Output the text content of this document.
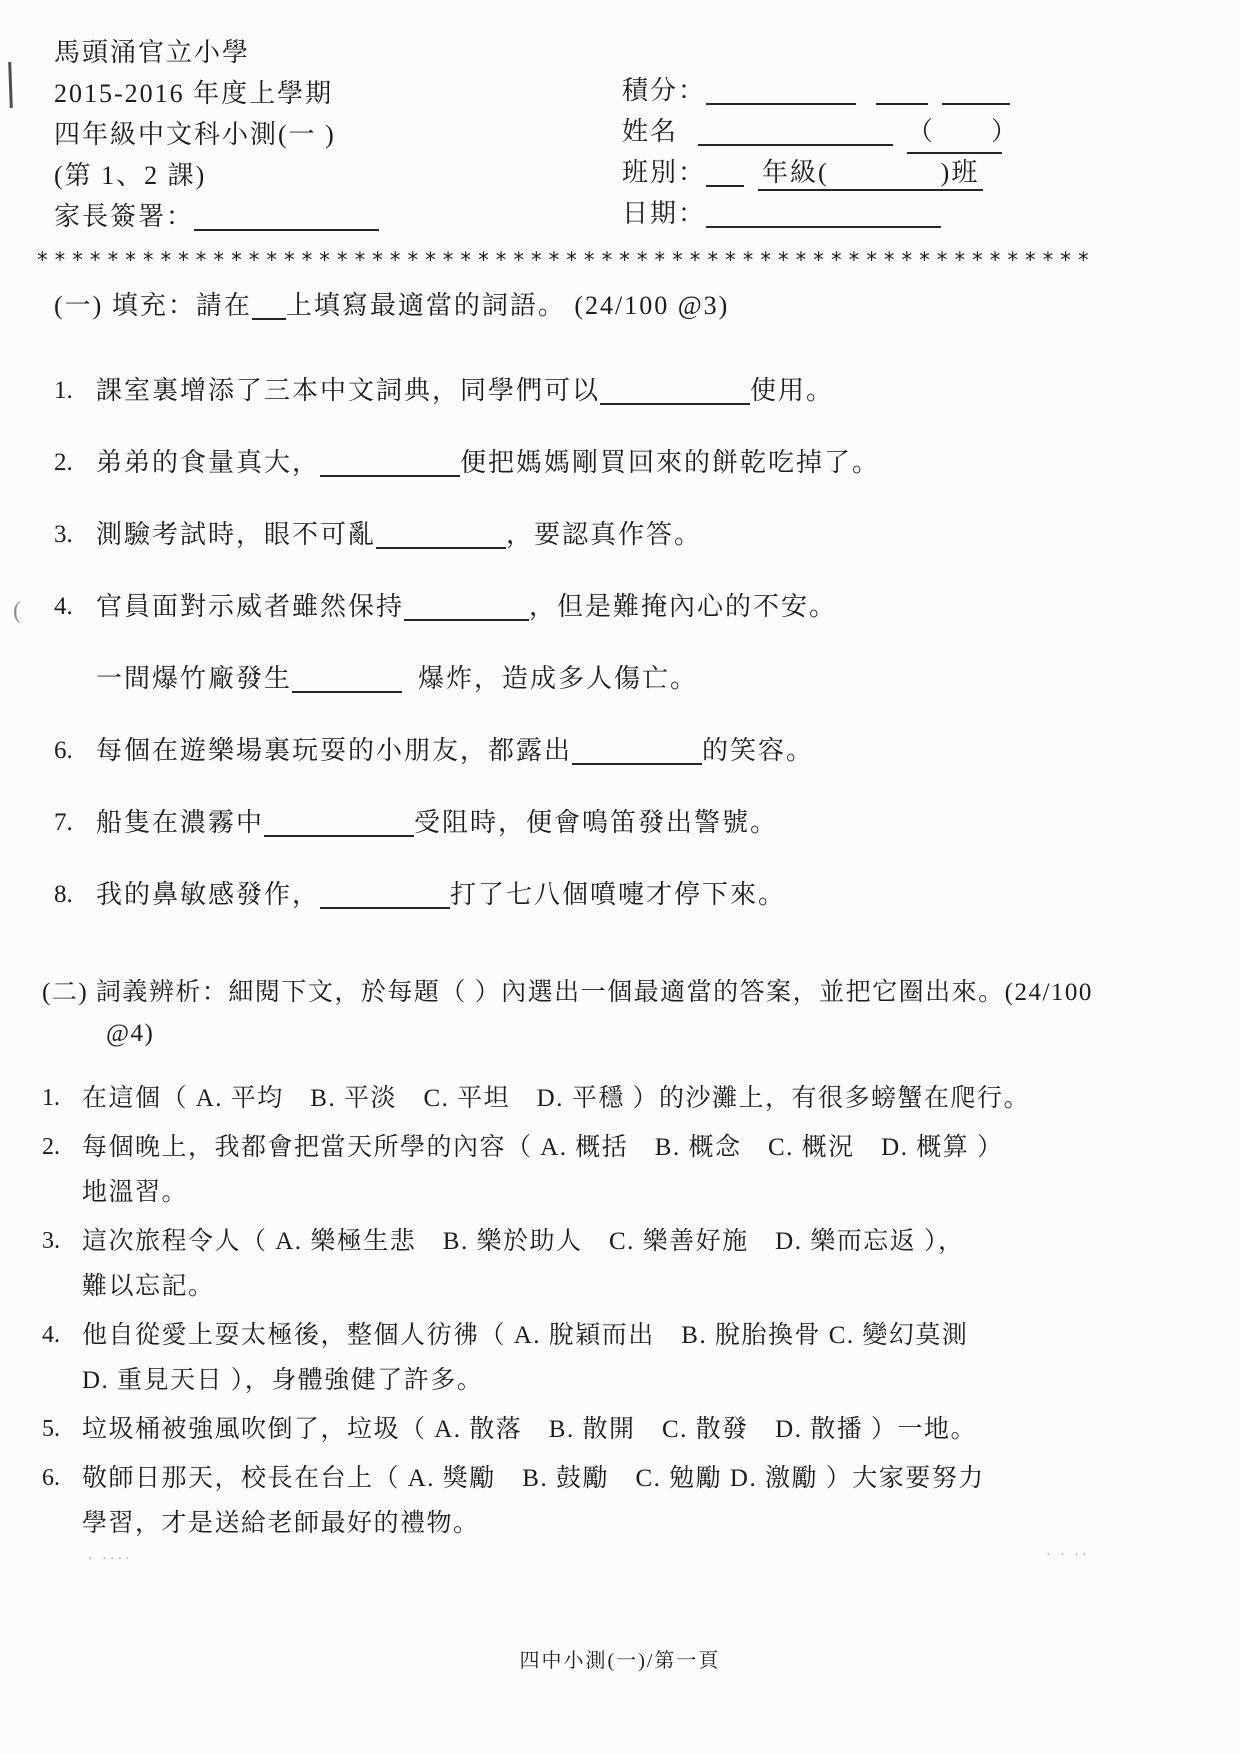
(
· ····	· · ··
馬頭涌官立小學
2015-2016 年度上學期
四年級中文科小測(一 )
(第 1、2 課)
家長簽署：
積分：
姓名	（　　）
班別： 年級(　　　　)班
日期：
************************************************************
(一) 填充：請在 上填寫最適當的詞語。 (24/100 @3)
1. 課室裏增添了三本中文詞典，同學們可以	使用。
2. 弟弟的食量真大，	便把媽媽剛買回來的餅乾吃掉了。
3. 測驗考試時，眼不可亂	，要認真作答。
4. 官員面對示威者雖然保持	，但是難掩內心的不安。
一間爆竹廠發生	爆炸，造成多人傷亡。
6. 每個在遊樂場裏玩耍的小朋友，都露出	的笑容。
7. 船隻在濃霧中	受阻時，便會鳴笛發出警號。
8. 我的鼻敏感發作，	打了七八個噴嚏才停下來。
(二) 詞義辨析：細閱下文，於每題（ ）內選出一個最適當的答案，並把它圈出來。(24/100
@4)
1. 在這個（ A. 平均　B. 平淡　C. 平坦　D. 平穩 ）的沙灘上，有很多螃蟹在爬行。
2. 每個晚上，我都會把當天所學的內容（ A. 概括　B. 概念　C. 概況　D. 概算 ）
地溫習。
3. 這次旅程令人（ A. 樂極生悲　B. 樂於助人　C. 樂善好施　D. 樂而忘返 ），
難以忘記。
4. 他自從愛上耍太極後，整個人彷彿（ A. 脫穎而出　B. 脫胎換骨 C. 變幻莫測
D. 重見天日 ），身體強健了許多。
5. 垃圾桶被強風吹倒了，垃圾（ A. 散落　B. 散開　C. 散發　D. 散播 ）一地。
6. 敬師日那天，校長在台上（ A. 獎勵　B. 鼓勵　C. 勉勵 D. 激勵 ）大家要努力
學習，才是送給老師最好的禮物。
四中小測(一)/第一頁
